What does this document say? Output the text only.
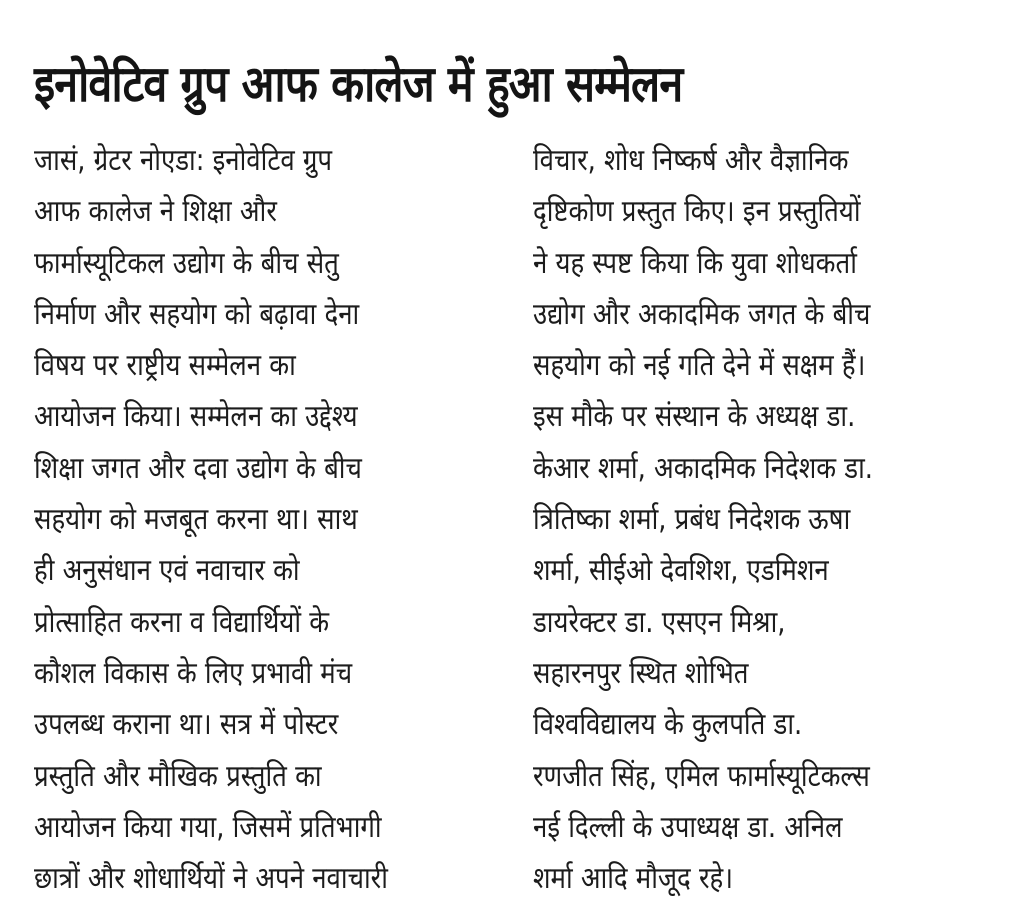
इनोवेटिव ग्रुप आफ कालेज में हुआ सम्मेलन
जासं, ग्रेटर नोएडा: इनोवेटिव ग्रुप
आफ कालेज ने शिक्षा और
फार्मास्यूटिकल उद्योग के बीच सेतु
निर्माण और सहयोग को बढ़ावा देना
विषय पर राष्ट्रीय सम्मेलन का
आयोजन किया। सम्मेलन का उद्देश्य
शिक्षा जगत और दवा उद्योग के बीच
सहयोग को मजबूत करना था। साथ
ही अनुसंधान एवं नवाचार को
प्रोत्साहित करना व विद्यार्थियों के
कौशल विकास के लिए प्रभावी मंच
उपलब्ध कराना था। सत्र में पोस्टर
प्रस्तुति और मौखिक प्रस्तुति का
आयोजन किया गया, जिसमें प्रतिभागी
छात्रों और शोधार्थियों ने अपने नवाचारी
विचार, शोध निष्कर्ष और वैज्ञानिक
दृष्टिकोण प्रस्तुत किए। इन प्रस्तुतियों
ने यह स्पष्ट किया कि युवा शोधकर्ता
उद्योग और अकादमिक जगत के बीच
सहयोग को नई गति देने में सक्षम हैं।
इस मौके पर संस्थान के अध्यक्ष डा.
केआर शर्मा, अकादमिक निदेशक डा.
त्रितिष्का शर्मा, प्रबंध निदेशक ऊषा
शर्मा, सीईओ देवशिश, एडमिशन
डायरेक्टर डा. एसएन मिश्रा,
सहारनपुर स्थित शोभित
विश्वविद्यालय के कुलपति डा.
रणजीत सिंह, एमिल फार्मास्यूटिकल्स
नई दिल्ली के उपाध्यक्ष डा. अनिल
शर्मा आदि मौजूद रहे।
